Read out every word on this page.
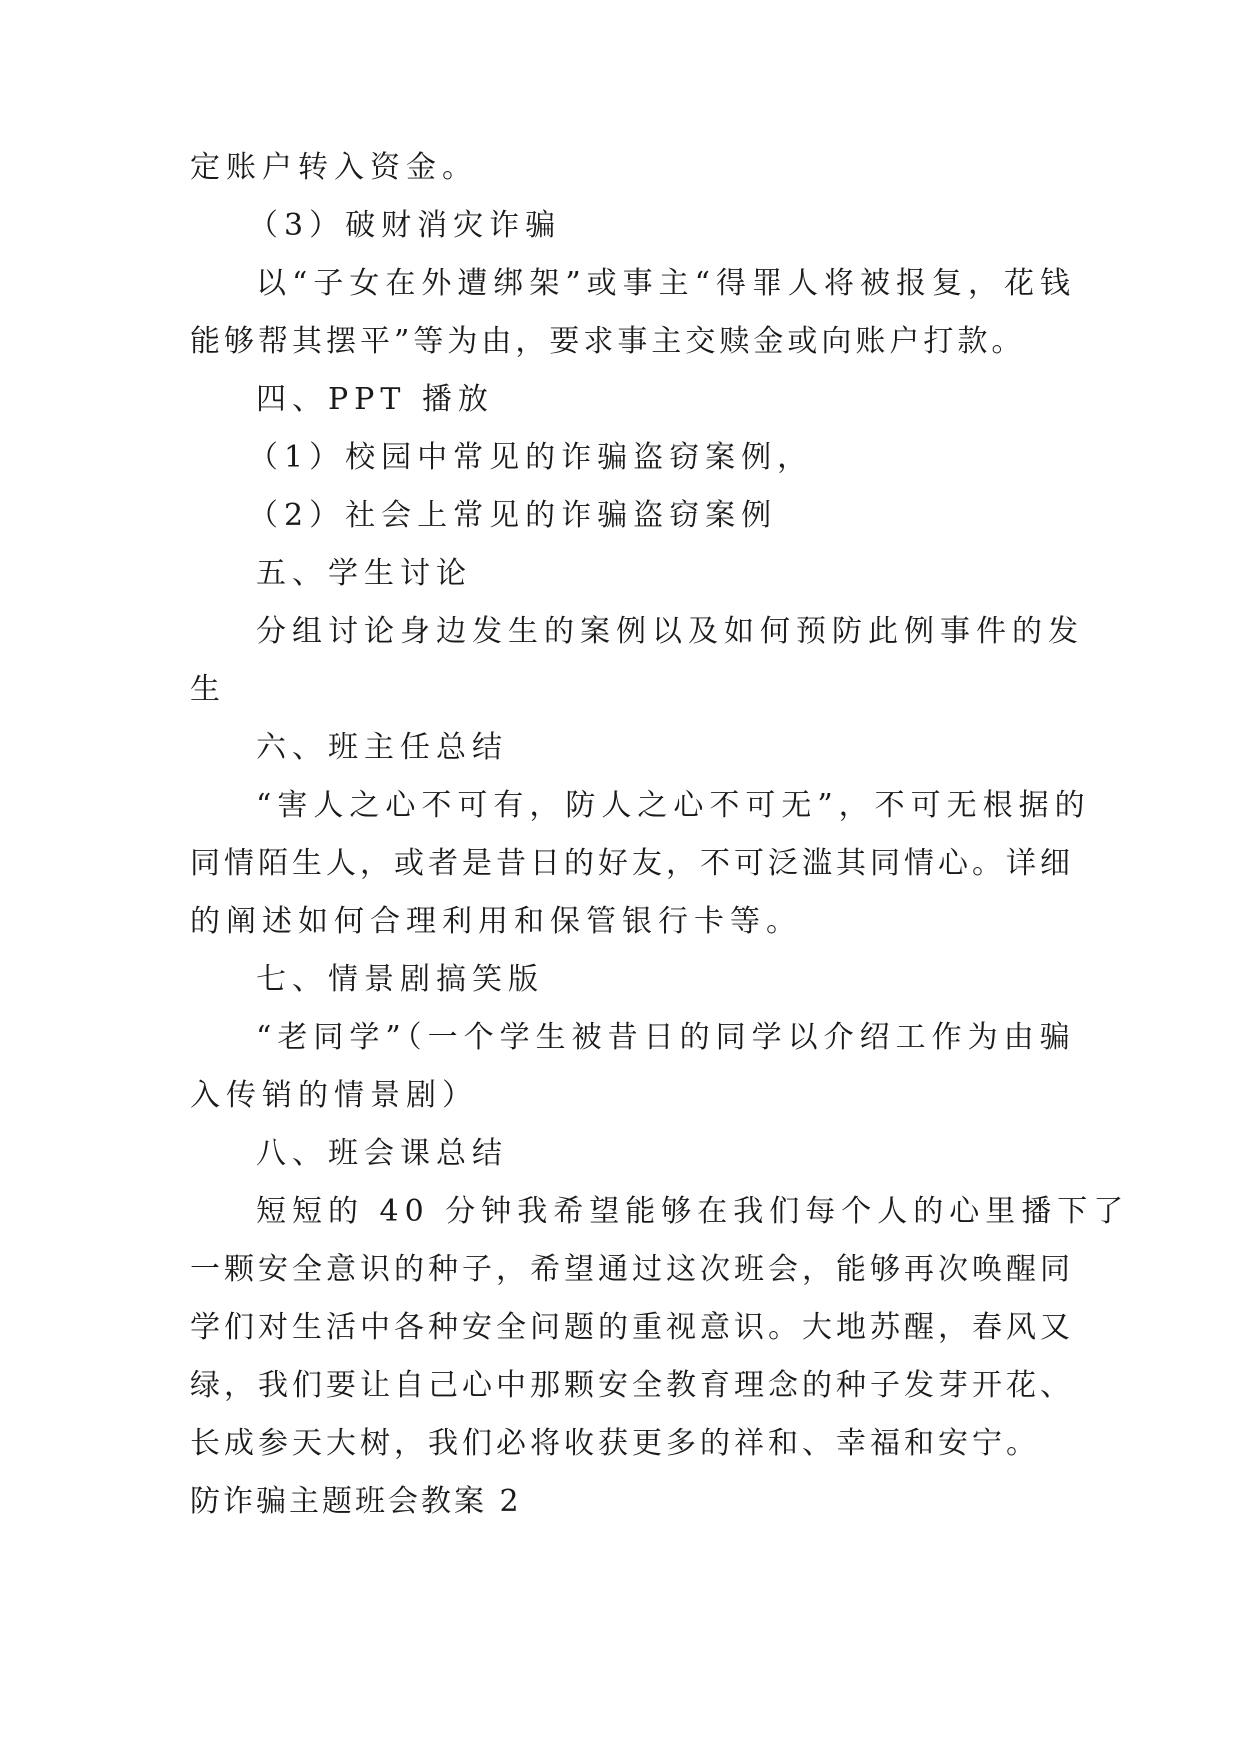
定账户转入资金。

（3）破财消灾诈骗

以“子女在外遭绑架”或事主“得罪人将被报复，花钱

能够帮其摆平”等为由，要求事主交赎金或向账户打款。

四、PPT 播放

（1）校园中常见的诈骗盗窃案例，

（2）社会上常见的诈骗盗窃案例

五、学生讨论

分组讨论身边发生的案例以及如何预防此例事件的发

生

六、班主任总结

“害人之心不可有，防人之心不可无”，不可无根据的

同情陌生人，或者是昔日的好友，不可泛滥其同情心。详细

的阐述如何合理利用和保管银行卡等。

七、情景剧搞笑版

“老同学”（一个学生被昔日的同学以介绍工作为由骗

入传销的情景剧）

八、班会课总结

短短的 40 分钟我希望能够在我们每个人的心里播下了

一颗安全意识的种子，希望通过这次班会，能够再次唤醒同

学们对生活中各种安全问题的重视意识。大地苏醒，春风又

绿，我们要让自己心中那颗安全教育理念的种子发芽开花、

长成参天大树，我们必将收获更多的祥和、幸福和安宁。

防诈骗主题班会教案 2
